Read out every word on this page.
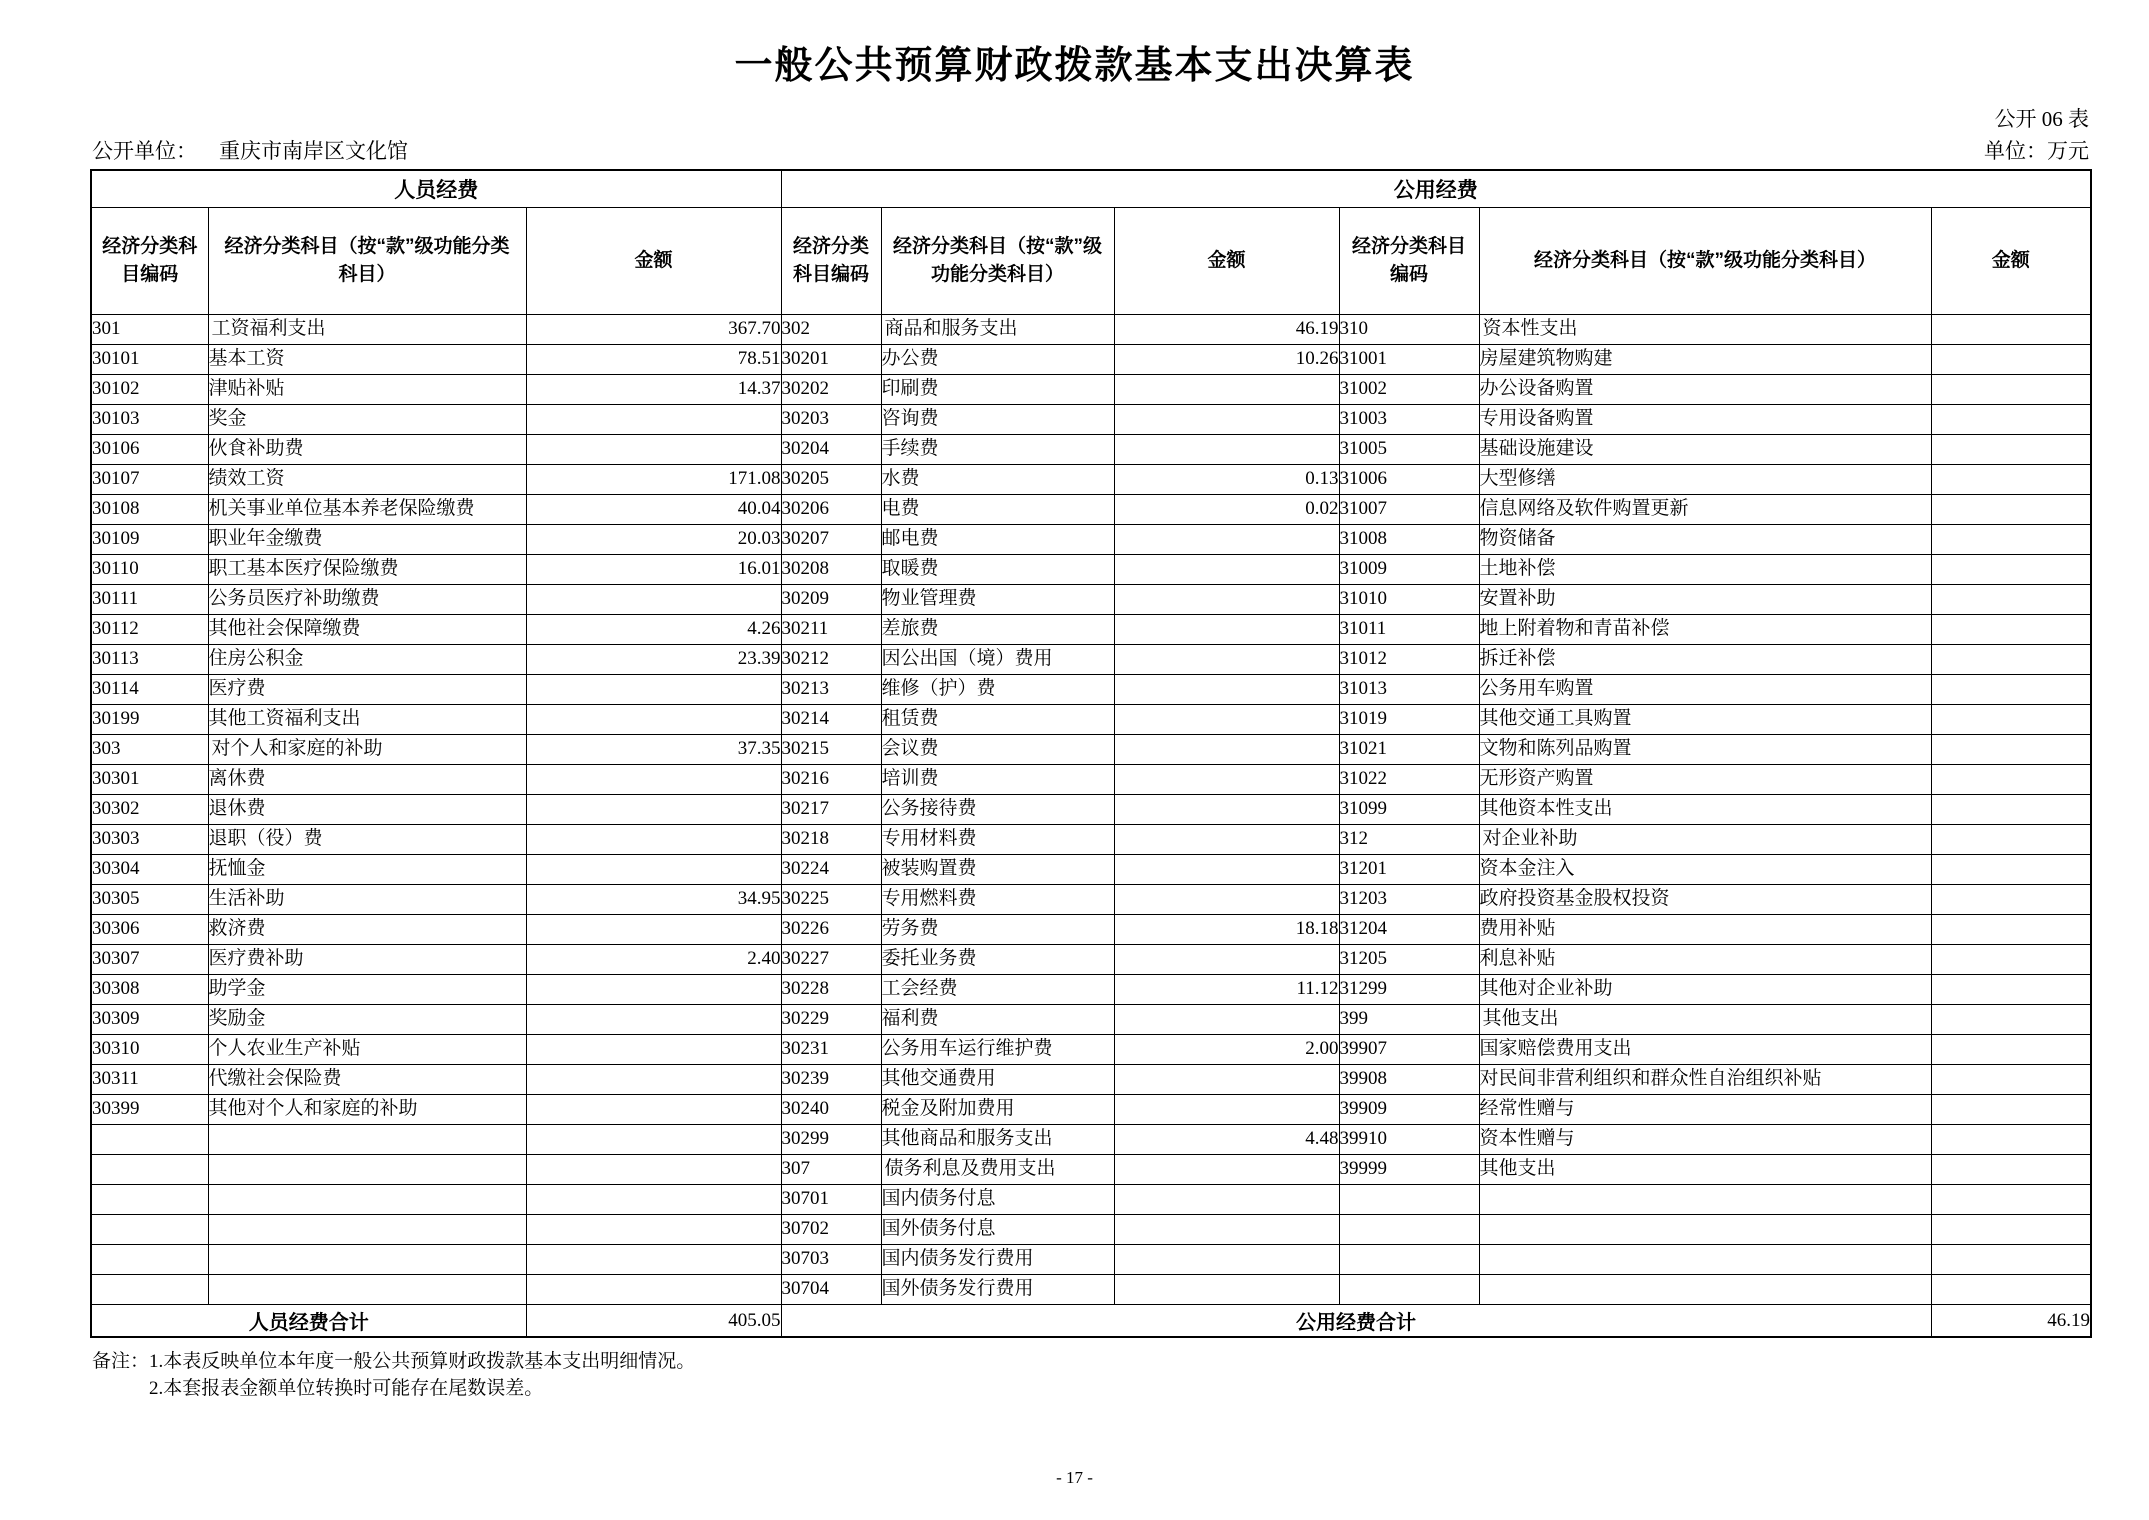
一般公共预算财政拨款基本支出决算表
公开 06 表
公开单位： 重庆市南岸区文化馆	单位：万元
人员经费			公用经费					
经济分类科目编码	经济分类科目（按“款”级功能分类科目）	金额	经济分类科目编码	经济分类科目（按“款”级功能分类科目）	金额	经济分类科目编码	经济分类科目（按“款”级功能分类科目）	金额
301	工资福利支出	367.70	302	商品和服务支出	46.19	310	资本性支出	
30101	基本工资	78.51	30201	办公费	10.26	31001	房屋建筑物购建	
30102	津贴补贴	14.37	30202	印刷费		31002	办公设备购置	
30103	奖金		30203	咨询费		31003	专用设备购置	
30106	伙食补助费		30204	手续费		31005	基础设施建设	
30107	绩效工资	171.08	30205	水费	0.13	31006	大型修缮	
30108	机关事业单位基本养老保险缴费	40.04	30206	电费	0.02	31007	信息网络及软件购置更新	
30109	职业年金缴费	20.03	30207	邮电费		31008	物资储备	
30110	职工基本医疗保险缴费	16.01	30208	取暖费		31009	土地补偿	
30111	公务员医疗补助缴费		30209	物业管理费		31010	安置补助	
30112	其他社会保障缴费	4.26	30211	差旅费		31011	地上附着物和青苗补偿	
30113	住房公积金	23.39	30212	因公出国（境）费用		31012	拆迁补偿	
30114	医疗费		30213	维修（护）费		31013	公务用车购置	
30199	其他工资福利支出		30214	租赁费		31019	其他交通工具购置	
303	对个人和家庭的补助	37.35	30215	会议费		31021	文物和陈列品购置	
30301	离休费		30216	培训费		31022	无形资产购置	
30302	退休费		30217	公务接待费		31099	其他资本性支出	
30303	退职（役）费		30218	专用材料费		312	对企业补助	
30304	抚恤金		30224	被装购置费		31201	资本金注入	
30305	生活补助	34.95	30225	专用燃料费		31203	政府投资基金股权投资	
30306	救济费		30226	劳务费	18.18	31204	费用补贴	
30307	医疗费补助	2.40	30227	委托业务费		31205	利息补贴	
30308	助学金		30228	工会经费	11.12	31299	其他对企业补助	
30309	奖励金		30229	福利费		399	其他支出	
30310	个人农业生产补贴		30231	公务用车运行维护费	2.00	39907	国家赔偿费用支出	
30311	代缴社会保险费		30239	其他交通费用		39908	对民间非营利组织和群众性自治组织补贴	
30399	其他对个人和家庭的补助		30240	税金及附加费用		39909	经常性赠与	
			30299	其他商品和服务支出	4.48	39910	资本性赠与	
			307	债务利息及费用支出		39999	其他支出	
			30701	国内债务付息				
			30702	国外债务付息				
			30703	国内债务发行费用				
			30704	国外债务发行费用				
人员经费合计		405.05	公用经费合计					46.19
备注： 1.本表反映单位本年度一般公共预算财政拨款基本支出明细情况。
2.本套报表金额单位转换时可能存在尾数误差。
- 17 -
